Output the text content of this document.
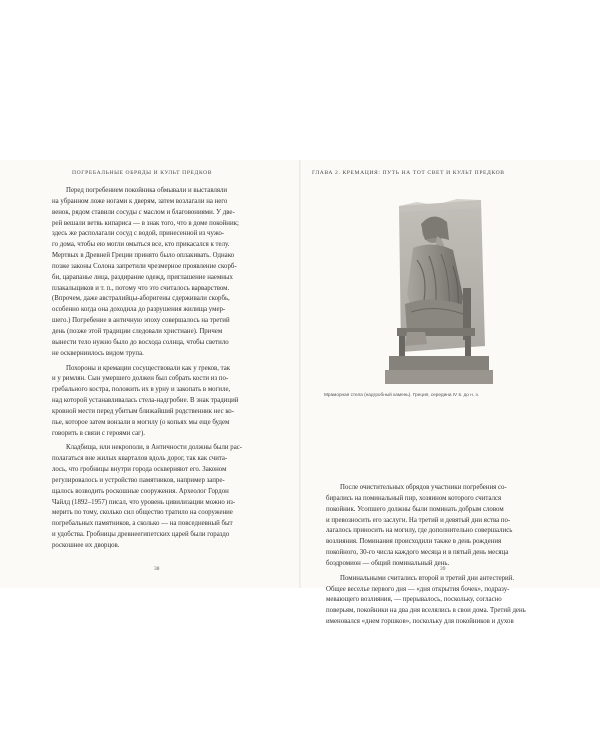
ПОГРЕБАЛЬНЫЕ ОБРЯДЫ И КУЛЬТ ПРЕДКОВ

Перед погребением покойника обмывали и выставляли
на убранном ложе ногами к дверям, затем возлагали на него
венок, рядом ставили сосуды с маслом и благовониями. У две-
рей вешали ветвь кипариса — в знак того, что в доме покойник;
здесь же располагали сосуд с водой, принесенной из чужо-
го дома, чтобы ею могли омыться все, кто прикасался к телу.
Мертвых в Древней Греции принято было оплакивать. Однако
позже законы Солона запретили чрезмерное проявление скорб-
би, царапанье лица, раздирание одежд, приглашение наемных
плакальщиков и т. п., потому что это считалось варварством.
(Впрочем, даже австралийцы-аборигены сдерживали скорбь,
особенно когда она доходила до разрушения жилища умер-
шего.) Погребение в античную эпоху совершалось на третий
день (позже этой традиции следовали христиане). Причем
вынести тело нужно было до восхода солнца, чтобы светило
не оскверниилось видом трупа.

Похороны и кремации сосуществовали как у греков, так
и у римлян. Сын умершего должен был собрать кости из по-
гребального костра, положить их в урну и закопать в могиле,
над которой устанавливалась стела-надгробие. В знак традиций
кровной мести перед убитым ближайший родственник нес ко-
пье, которое затем вонзали в могилу (о копьях мы еще будем
говорить в связи с героями саг).

Кладбища, или некрополи, в Античности должны были рас-
полагаться вне жилых кварталов вдоль дорог, так как счита-
лось, что гробницы внутри города оскверняют его. Законом
регулировалось и устройство памятников, например запре-
щалось возводить роскошные сооружения. Археолог Гордон
Чайлд (1892–1957) писал, что уровень цивилизации можно из-
мерить по тому, сколько сил общество тратило на сооружение
погребальных памятников, а сколько — на повседневный быт
и удобства. Гробницы древнеегипетских царей были гораздо
роскошнее их дворцов.

38
ГЛАВА 2. КРЕМАЦИЯ: ПУТЬ НА ТОТ СВЕТ И КУЛЬТ ПРЕДКОВ
Мраморная стела (надгробный камень). Греция, середина IV в. до н. э.

После очистительных обрядов участники погребения со-
бирались на поминальный пир, хозяином которого считался
покойник. Усопшего должны были поминать добрым словом
и превозносить его заслуги. На третий и девятый дни яства по-
лагалось приносить на могилу, где дополнительно совершались
возлияния. Поминания происходили также в день рождения
покойного, 30-го числа каждого месяца и в пятый день месяца
боэдромион — общий поминальный день.

Поминальными считались второй и третий дни антестерий.
Общее веселье первого дня — «дня открытия бочек», подразу-
мевающего возлияния, — прерывалось, поскольку, согласно
поверьям, покойники на два дня вселялись в свои дома. Третий день
именовался «днем горшков», поскольку для покойников и духов

39
